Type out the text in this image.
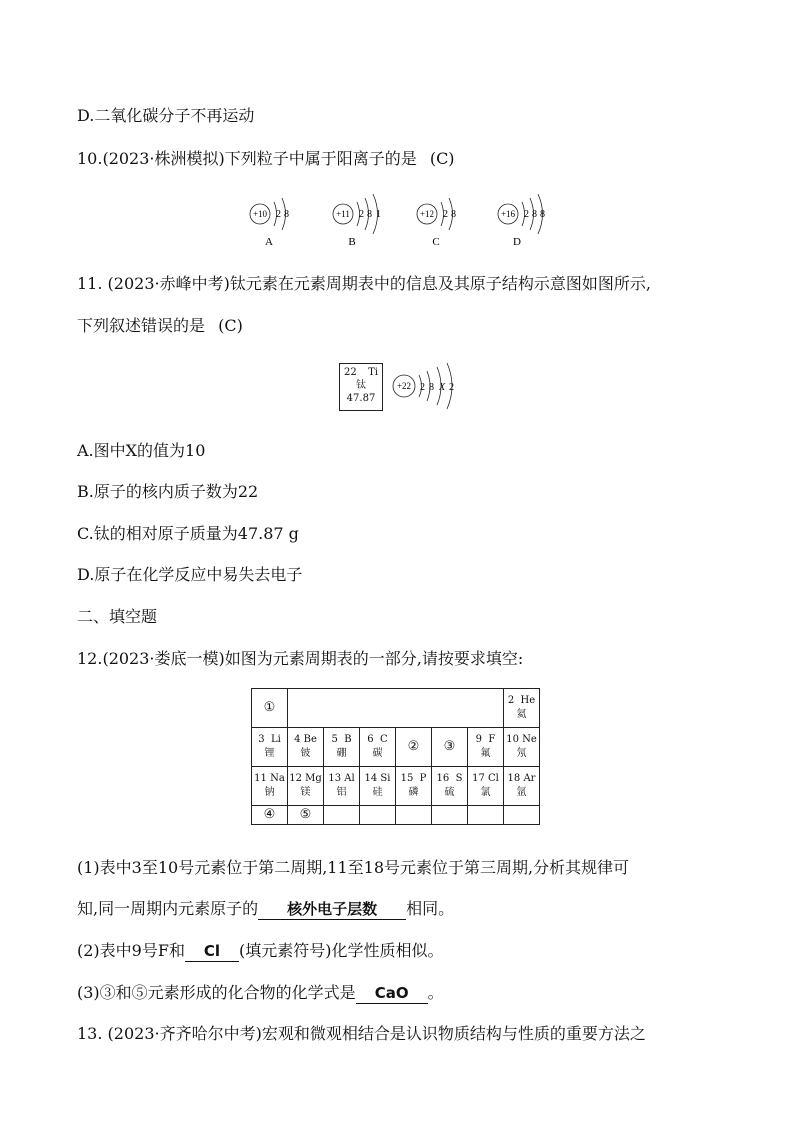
D.二氧化碳分子不再运动
10.(2023·株洲模拟)下列粒子中属于阳离子的是  (C)
+10 2 8
A
+11 2 8 1
B
+12 2 8
C
+16 2 8 8
D
11. (2023·赤峰中考)钛元素在元素周期表中的信息及其原子结构示意图如图所示,
下列叙述错误的是  (C)
22 Ti
钛
47.87
+22 2 8 X 2
A.图中X的值为10
B.原子的核内质子数为22
C.钛的相对原子质量为47.87 g
D.原子在化学反应中易失去电子
二、填空题
12.(2023·娄底一模)如图为元素周期表的一部分,请按要求填空:
①							2 He
氦
3 Li
锂	4 Be
铍	5 B
硼	6 C
碳	②	③	9 F
氟	10 Ne
氖
11 Na
钠	12 Mg
镁	13 Al
铝	14 Si
硅	15 P
磷	16 S
硫	17 Cl
氯	18 Ar
氩
④	⑤						
(1)表中3至10号元素位于第二周期,11至18号元素位于第三周期,分析其规律可
知,同一周期内元素原子的 核外电子层数 相同。
(2)表中9号F和 Cl (填元素符号)化学性质相似。
(3)③和⑤元素形成的化合物的化学式是 CaO 。
13. (2023·齐齐哈尔中考)宏观和微观相结合是认识物质结构与性质的重要方法之
